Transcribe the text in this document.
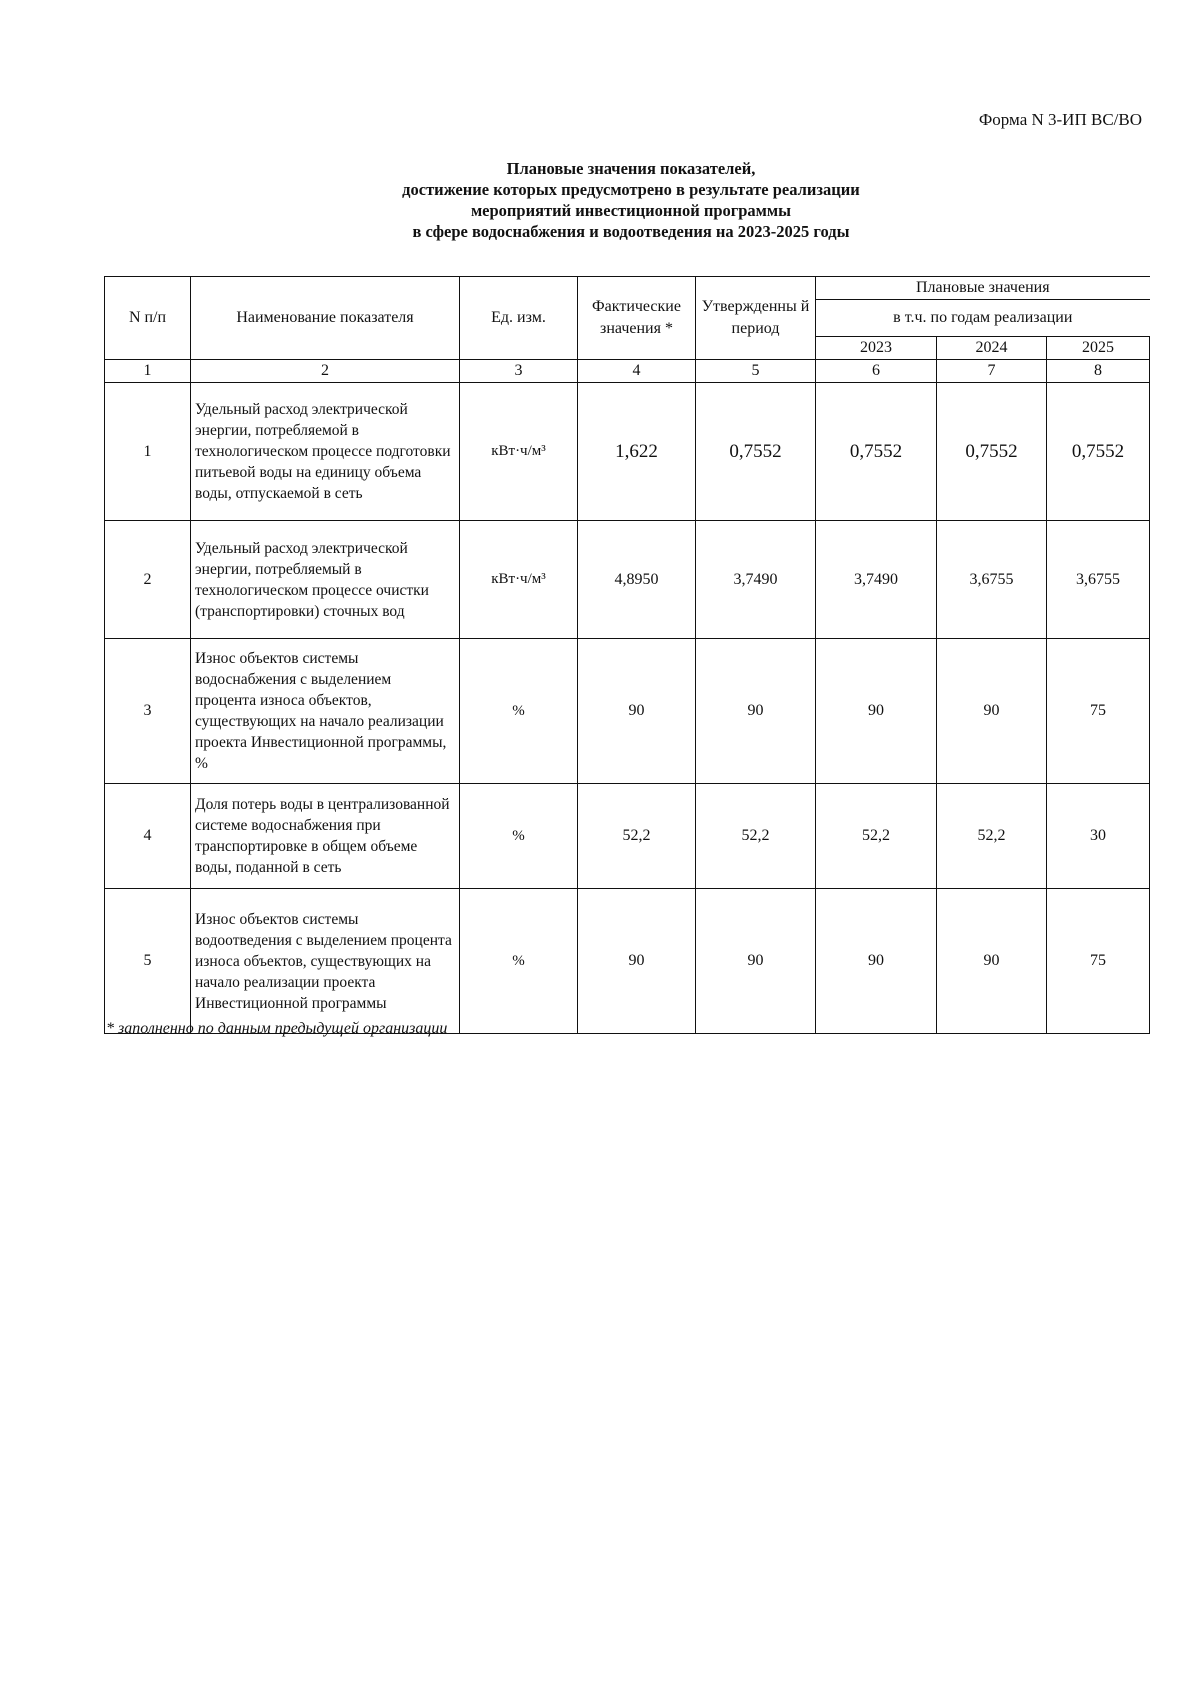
Форма N 3-ИП ВС/ВО
Плановые значения показателей,
достижение которых предусмотрено в результате реализации
мероприятий инвестиционной программы
в сфере водоснабжения и водоотведения на 2023-2025 годы
N п/п	Наименование показателя	Ед. изм.	Фактические значения *	Утвержденны й период	Плановые значения		
					в т.ч. по годам реализации		
					2023	2024	2025
1	2	3	4	5	6	7	8
1	Удельный расход электрической энергии, потребляемой в технологическом процессе подготовки питьевой воды на единицу объема воды, отпускаемой в сеть	кВт·ч/м³	1,622	0,7552	0,7552	0,7552	0,7552
2	Удельный расход электрической энергии, потребляемый в технологическом процессе очистки (транспортировки) сточных вод	кВт·ч/м³	4,8950	3,7490	3,7490	3,6755	3,6755
3	Износ объектов системы водоснабжения с выделением процента износа объектов, существующих на начало реализации проекта Инвестиционной программы, %	%	90	90	90	90	75
4	Доля потерь воды в централизованной системе водоснабжения при транспортировке в общем объеме воды, поданной в сеть	%	52,2	52,2	52,2	52,2	30
5	Износ объектов системы водоотведения с выделением процента износа объектов, существующих на начало реализации проекта Инвестиционной программы	%	90	90	90	90	75
* заполненно по данным предыдущей организации
